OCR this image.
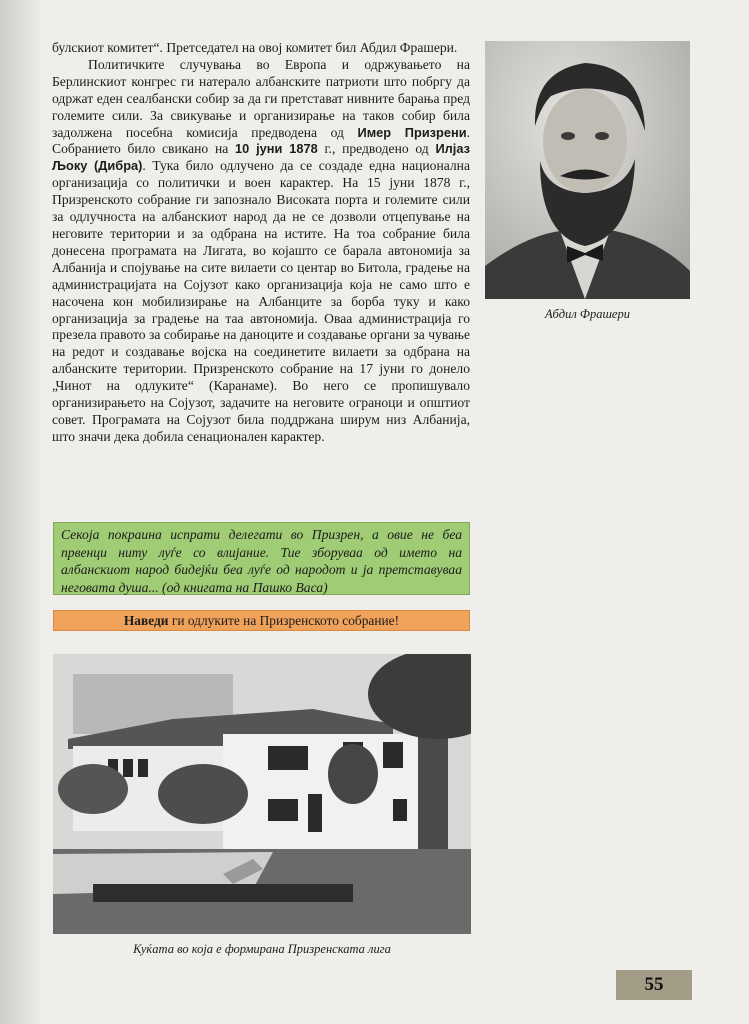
булскиот комитет“. Претседател на овој комитет бил Абдил Фрашери.

Политичките случувања во Европа и одржувањето на Берлинскиот конгрес ги натерало албанските патриоти што побргу да одржат еден сеалбански собир за да ги претстават нивните барања пред големите сили. За свикување и организирање на таков собир била задолжена посебна комисија предводена од Имер Призрени. Собранието било свикано на 10 јуни 1878 г., предводено од Илјаз Љоку (Дибра). Тука било одлучено да се создаде една национална организација со политички и воен карактер. На 15 јуни 1878 г., Призренското собрание ги запознало Високата порта и големите сили за одлучноста на албанскиот народ да не се дозволи отцепување на неговите територии и за одбрана на истите. На тоа собрание била донесена програмата на Лигата, во којашто се барала автономија за Албанија и спојување на сите вилаети со центар во Битола, градење на администрацијата на Сојузот како организација која не само што е насочена кон мобилизирање на Албанците за борба туку и како организација за градење на таа автономија. Оваа администрација го презела правото за собирање на даноците и создавање органи за чување на редот и создавање војска на соединетите вилаети за одбрана на албанските територии. Призренското собрание на 17 јуни го донело „Чинот на одлуките“ (Каранаме). Во него се пропишувало организирањето на Сојузот, задачите на неговите ограноци и општиот совет. Програмата на Сојузот била поддржана ширум низ Албанија, што значи дека добила сенационален карактер.

Абдил Фрашери
Секоја покраина испрати делегати во Призрен, а овие не беа првенци ниту луѓе со влијание. Тие зборуваа од името на албанскиот народ бидејќи беа луѓе од народот и ја претставуваа неговата душа... (од книгата на Пашко Васа)
Наведи ги одлуките на Призренското собрание!
Куќата во која е формирана Призренската лига
55
